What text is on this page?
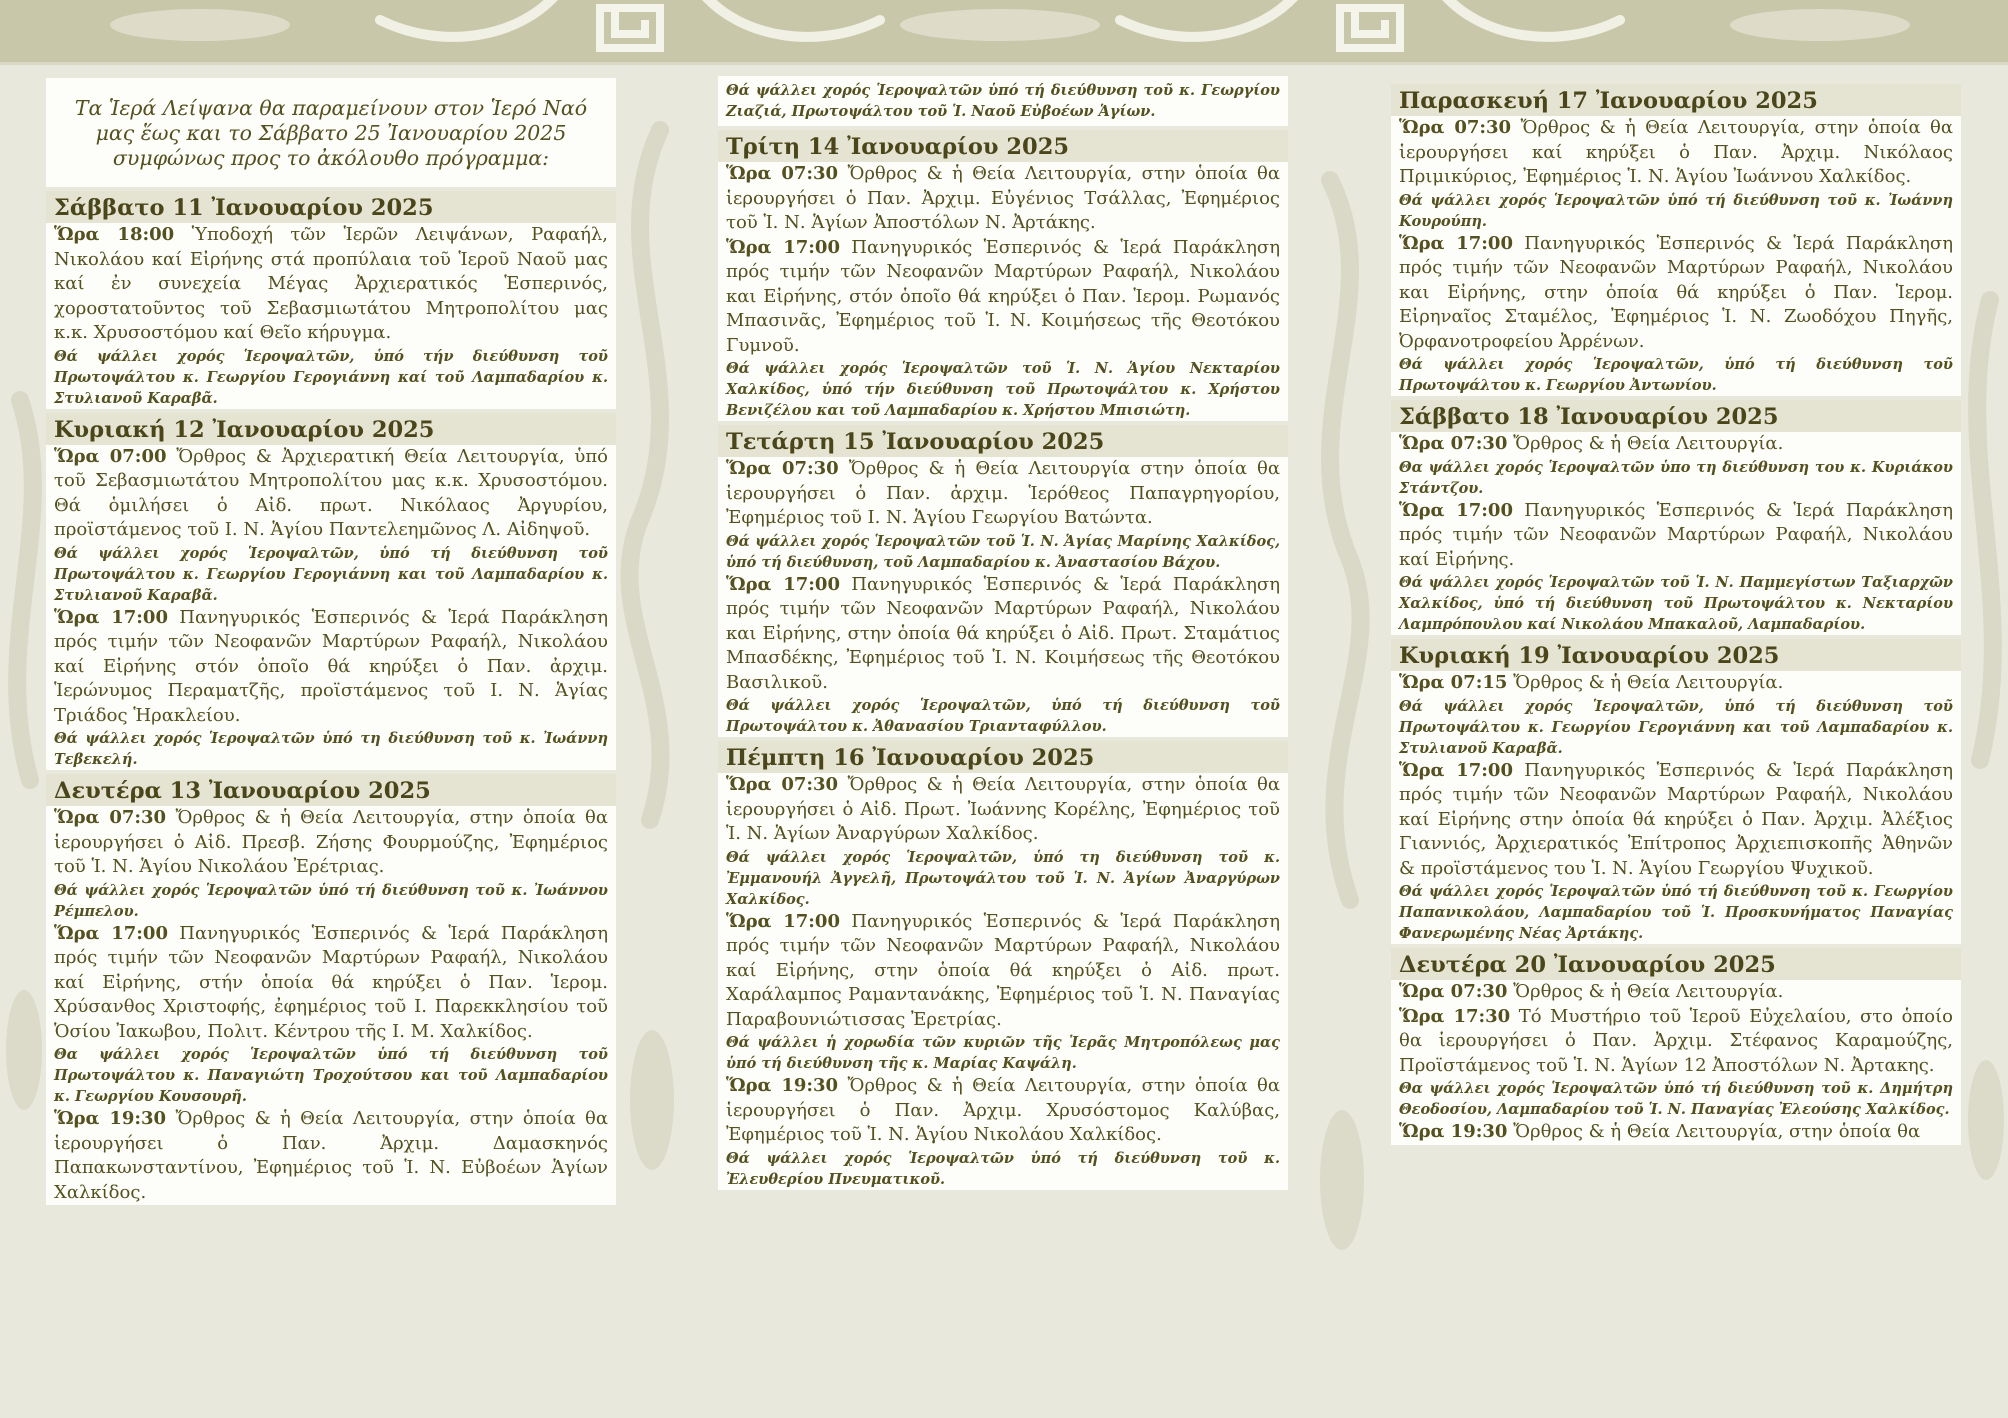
Τα Ἱερά Λείψανα θα παραμείνουν στον Ἱερό Ναό μας ἕως και το Σάββατο 25 Ἰανουαρίου 2025 συμφώνως προς το ἀκόλουθο πρόγραμμα:
Σάββατο 11 Ἰανουαρίου 2025
Ὥρα 18:00 Ὑποδοχή τῶν Ἱερῶν Λειψάνων, Ραφαήλ, Νικολάου καί Εἰρήνης στά προπύλαια τοῦ Ἱεροῦ Ναοῦ μας καί ἐν συνεχεία Μέγας Ἀρχιερατικός Ἑσπερινός, χοροστατοῦντος τοῦ Σεβασμιωτάτου Μητροπολίτου μας κ.κ. Χρυσοστόμου καί Θεῖο κήρυγμα.
Θά ψάλλει χορός Ἱεροψαλτῶν, ὑπό τήν διεύθυνση τοῦ Πρωτοψάλτου κ. Γεωργίου Γερογιάννη καί τοῦ Λαμπαδαρίου κ. Στυλιανοῦ Καραβᾶ.
Κυριακή 12 Ἰανουαρίου 2025
Ὥρα 07:00 Ὄρθρος & Ἀρχιερατική Θεία Λειτουργία, ὑπό τοῦ Σεβασμιωτάτου Μητροπολίτου μας κ.κ. Χρυσοστόμου. Θά ὁμιλήσει ὁ Αἰδ. πρωτ. Νικόλαος Ἀργυρίου, προϊστάμενος τοῦ Ι. Ν. Ἁγίου Παντελεημῶνος Λ. Αἰδηψοῦ.
Θά ψάλλει χορός Ἱεροψαλτῶν, ὑπό τή διεύθυνση τοῦ Πρωτοψάλτου κ. Γεωργίου Γερογιάννη και τοῦ Λαμπαδαρίου κ. Στυλιανοῦ Καραβᾶ.
Ὥρα 17:00 Πανηγυρικός Ἑσπερινός & Ἱερά Παράκληση πρός τιμήν τῶν Νεοφανῶν Μαρτύρων Ραφαήλ, Νικολάου καί Εἰρήνης στόν ὁποῖο θά κηρύξει ὁ Παν. ἀρχιμ. Ἱερώνυμος Περαματζῆς, προϊστάμενος τοῦ Ι. Ν. Ἁγίας Τριάδος Ἡρακλείου.
Θά ψάλλει χορός Ἱεροψαλτῶν ὑπό τη διεύθυνση τοῦ κ. Ἰωάννη Τεβεκελή.
Δευτέρα 13 Ἰανουαρίου 2025
Ὥρα 07:30 Ὄρθρος & ἡ Θεία Λειτουργία, στην ὁποία θα ἱερουργήσει ὁ Αἰδ. Πρεσβ. Ζήσης Φουρμούζης, Ἐφημέριος τοῦ Ἱ. Ν. Ἁγίου Νικολάου Ἐρέτριας.
Θά ψάλλει χορός Ἱεροψαλτῶν ὑπό τή διεύθυνση τοῦ κ. Ἰωάννου Ρέμπελου.
Ὥρα 17:00 Πανηγυρικός Ἑσπερινός & Ἱερά Παράκληση πρός τιμήν τῶν Νεοφανῶν Μαρτύρων Ραφαήλ, Νικολάου καί Εἰρήνης, στήν ὁποία θά κηρύξει ὁ Παν. Ἱερομ. Χρύσανθος Χριστοφής, ἐφημέριος τοῦ Ι. Παρεκκλησίου τοῦ Ὁσίου Ἰακωβου, Πολιτ. Κέντρου τῆς Ι. Μ. Χαλκίδος.
Θα ψάλλει χορός Ἱεροψαλτῶν ὑπό τή διεύθυνση τοῦ Πρωτοψάλτου κ. Παναγιώτη Τροχούτσου και τοῦ Λαμπαδαρίου κ. Γεωργίου Κουσουρῆ.
Ὥρα 19:30 Ὄρθρος & ἡ Θεία Λειτουργία, στην ὁποία θα ἱερουργήσει ὁ Παν. Ἀρχιμ. Δαμασκηνός Παπακωνσταντίνου, Ἐφημέριος τοῦ Ἱ. Ν. Εὐβοέων Ἁγίων Χαλκίδος.
Θά ψάλλει χορός Ἱεροψαλτῶν ὑπό τή διεύθυνση τοῦ κ. Γεωργίου Ζιαζιά, Πρωτοψάλτου τοῦ Ἱ. Ναοῦ Εὐβοέων Ἁγίων.
Τρίτη 14 Ἰανουαρίου 2025
Ὥρα 07:30 Ὄρθρος & ἡ Θεία Λειτουργία, στην ὁποία θα ἱερουργήσει ὁ Παν. Ἀρχιμ. Εὐγένιος Τσάλλας, Ἐφημέριος τοῦ Ἱ. Ν. Ἁγίων Ἀποστόλων Ν. Ἀρτάκης.
Ὥρα 17:00 Πανηγυρικός Ἑσπερινός & Ἱερά Παράκληση πρός τιμήν τῶν Νεοφανῶν Μαρτύρων Ραφαήλ, Νικολάου και Εἰρήνης, στόν ὁποῖο θά κηρύξει ὁ Παν. Ἱερομ. Ρωμανός Μπασινᾶς, Ἐφημέριος τοῦ Ἱ. Ν. Κοιμήσεως τῆς Θεοτόκου Γυμνοῦ.
Θά ψάλλει χορός Ἱεροψαλτῶν τοῦ Ἱ. Ν. Ἁγίου Νεκταρίου Χαλκίδος, ὑπό τήν διεύθυνση τοῦ Πρωτοψάλτου κ. Χρήστου Βενιζέλου και τοῦ Λαμπαδαρίου κ. Χρήστου Μπισιώτη.
Τετάρτη 15 Ἰανουαρίου 2025
Ὥρα 07:30 Ὄρθρος & ἡ Θεία Λειτουργία στην ὁποία θα ἱερουργήσει ὁ Παν. ἀρχιμ. Ἱερόθεος Παπαγρηγορίου, Ἐφημέριος τοῦ Ι. Ν. Ἁγίου Γεωργίου Βατώντα.
Θά ψάλλει χορός Ἱεροψαλτῶν τοῦ Ἱ. Ν. Ἁγίας Μαρίνης Χαλκίδος, ὑπό τή διεύθυνση, τοῦ Λαμπαδαρίου κ. Ἀναστασίου Βάχου.
Ὥρα 17:00 Πανηγυρικός Ἑσπερινός & Ἱερά Παράκληση πρός τιμήν τῶν Νεοφανῶν Μαρτύρων Ραφαήλ, Νικολάου και Εἰρήνης, στην ὁποία θά κηρύξει ὁ Αἰδ. Πρωτ. Σταμάτιος Μπασδέκης, Ἐφημέριος τοῦ Ἱ. Ν. Κοιμήσεως τῆς Θεοτόκου Βασιλικοῦ.
Θά ψάλλει χορός Ἱεροψαλτῶν, ὑπό τή διεύθυνση τοῦ Πρωτοψάλτου κ. Ἀθανασίου Τριανταφύλλου.
Πέμπτη 16 Ἰανουαρίου 2025
Ὥρα 07:30 Ὄρθρος & ἡ Θεία Λειτουργία, στην ὁποία θα ἱερουργήσει ὁ Αἰδ. Πρωτ. Ἰωάννης Κορέλης, Ἐφημέριος τοῦ Ἱ. Ν. Ἁγίων Ἀναργύρων Χαλκίδος.
Θά ψάλλει χορός Ἱεροψαλτῶν, ὑπό τη διεύθυνση τοῦ κ. Ἐμμανουήλ Ἀγγελῆ, Πρωτοψάλτου τοῦ Ἱ. Ν. Ἁγίων Ἀναργύρων Χαλκίδος.
Ὥρα 17:00 Πανηγυρικός Ἑσπερινός & Ἱερά Παράκληση πρός τιμήν τῶν Νεοφανῶν Μαρτύρων Ραφαήλ, Νικολάου καί Εἰρήνης, στην ὁποία θά κηρύξει ὁ Αἰδ. πρωτ. Χαράλαμπος Ραμαντανάκης, Ἐφημέριος τοῦ Ἱ. Ν. Παναγίας Παραβουνιώτισσας Ἐρετρίας.
Θά ψάλλει ἡ χορωδία τῶν κυριῶν τῆς Ἱερᾶς Μητροπόλεως μας ὑπό τή διεύθυνση τῆς κ. Μαρίας Καψάλη.
Ὥρα 19:30 Ὄρθρος & ἡ Θεία Λειτουργία, στην ὁποία θα ἱερουργήσει ὁ Παν. Ἀρχιμ. Χρυσόστομος Καλύβας, Ἐφημέριος τοῦ Ἱ. Ν. Ἁγίου Νικολάου Χαλκίδος.
Θά ψάλλει χορός Ἱεροψαλτῶν ὑπό τή διεύθυνση τοῦ κ. Ἐλευθερίου Πνευματικοῦ.
Παρασκευή 17 Ἰανουαρίου 2025
Ὥρα 07:30 Ὄρθρος & ἡ Θεία Λειτουργία, στην ὁποία θα ἱερουργήσει καί κηρύξει ὁ Παν. Ἀρχιμ. Νικόλαος Πριμικύριος, Ἐφημέριος Ἱ. Ν. Ἁγίου Ἰωάννου Χαλκίδος.
Θά ψάλλει χορός Ἱεροψαλτῶν ὑπό τή διεύθυνση τοῦ κ. Ἰωάννη Κουρούπη.
Ὥρα 17:00 Πανηγυρικός Ἑσπερινός & Ἱερά Παράκληση πρός τιμήν τῶν Νεοφανῶν Μαρτύρων Ραφαήλ, Νικολάου και Εἰρήνης, στην ὁποία θά κηρύξει ὁ Παν. Ἱερομ. Εἰρηναῖος Σταμέλος, Ἐφημέριος Ἱ. Ν. Ζωοδόχου Πηγῆς, Ὀρφανοτροφείου Ἀρρένων.
Θά ψάλλει χορός Ἱεροψαλτῶν, ὑπό τή διεύθυνση τοῦ Πρωτοψάλτου κ. Γεωργίου Ἀντωνίου.
Σάββατο 18 Ἰανουαρίου 2025
Ὥρα 07:30 Ὄρθρος & ἡ Θεία Λειτουργία.
Θα ψάλλει χορός Ἱεροψαλτῶν ὑπο τη διεύθυνση του κ. Κυριάκου Στάντζου.
Ὥρα 17:00 Πανηγυρικός Ἑσπερινός & Ἱερά Παράκληση πρός τιμήν τῶν Νεοφανῶν Μαρτύρων Ραφαήλ, Νικολάου καί Εἰρήνης.
Θά ψάλλει χορός Ἱεροψαλτῶν τοῦ Ἱ. Ν. Παμμεγίστων Ταξιαρχῶν Χαλκίδος, ὑπό τή διεύθυνση τοῦ Πρωτοψάλτου κ. Νεκταρίου Λαμπρόπουλου καί Νικολάου Μπακαλοῦ, Λαμπαδαρίου.
Κυριακή 19 Ἰανουαρίου 2025
Ὥρα 07:15 Ὄρθρος & ἡ Θεία Λειτουργία.
Θά ψάλλει χορός Ἱεροψαλτῶν, ὑπό τή διεύθυνση τοῦ Πρωτοψάλτου κ. Γεωργίου Γερογιάννη και τοῦ Λαμπαδαρίου κ. Στυλιανοῦ Καραβᾶ.
Ὥρα 17:00 Πανηγυρικός Ἑσπερινός & Ἱερά Παράκληση πρός τιμήν τῶν Νεοφανῶν Μαρτύρων Ραφαήλ, Νικολάου καί Εἰρήνης στην ὁποία θά κηρύξει ὁ Παν. Ἀρχιμ. Ἀλέξιος Γιαννιός, Ἀρχιερατικός Ἐπίτροπος Ἀρχιεπισκοπῆς Ἀθηνῶν & προϊστάμενος του Ἱ. Ν. Ἁγίου Γεωργίου Ψυχικοῦ.
Θά ψάλλει χορός Ἱεροψαλτῶν ὑπό τή διεύθυνση τοῦ κ. Γεωργίου Παπανικολάου, Λαμπαδαρίου τοῦ Ἱ. Προσκυνήματος Παναγίας Φανερωμένης Νέας Ἀρτάκης.
Δευτέρα 20 Ἰανουαρίου 2025
Ὥρα 07:30 Ὄρθρος & ἡ Θεία Λειτουργία.
Ὥρα 17:30 Τό Μυστήριο τοῦ Ἱεροῦ Εὐχελαίου, στο ὁποίο θα ἱερουργήσει ὁ Παν. Ἀρχιμ. Στέφανος Καραμούζης, Προϊστάμενος τοῦ Ἱ. Ν. Ἁγίων 12 Ἀποστόλων Ν. Ἀρτακης.
Θα ψάλλει χορός Ἱεροψαλτῶν ὑπό τή διεύθυνση τοῦ κ. Δημήτρη Θεοδοσίου, Λαμπαδαρίου τοῦ Ἱ. Ν. Παναγίας Ἐλεούσης Χαλκίδος.
Ὥρα 19:30 Ὄρθρος & ἡ Θεία Λειτουργία, στην ὁποία θα
